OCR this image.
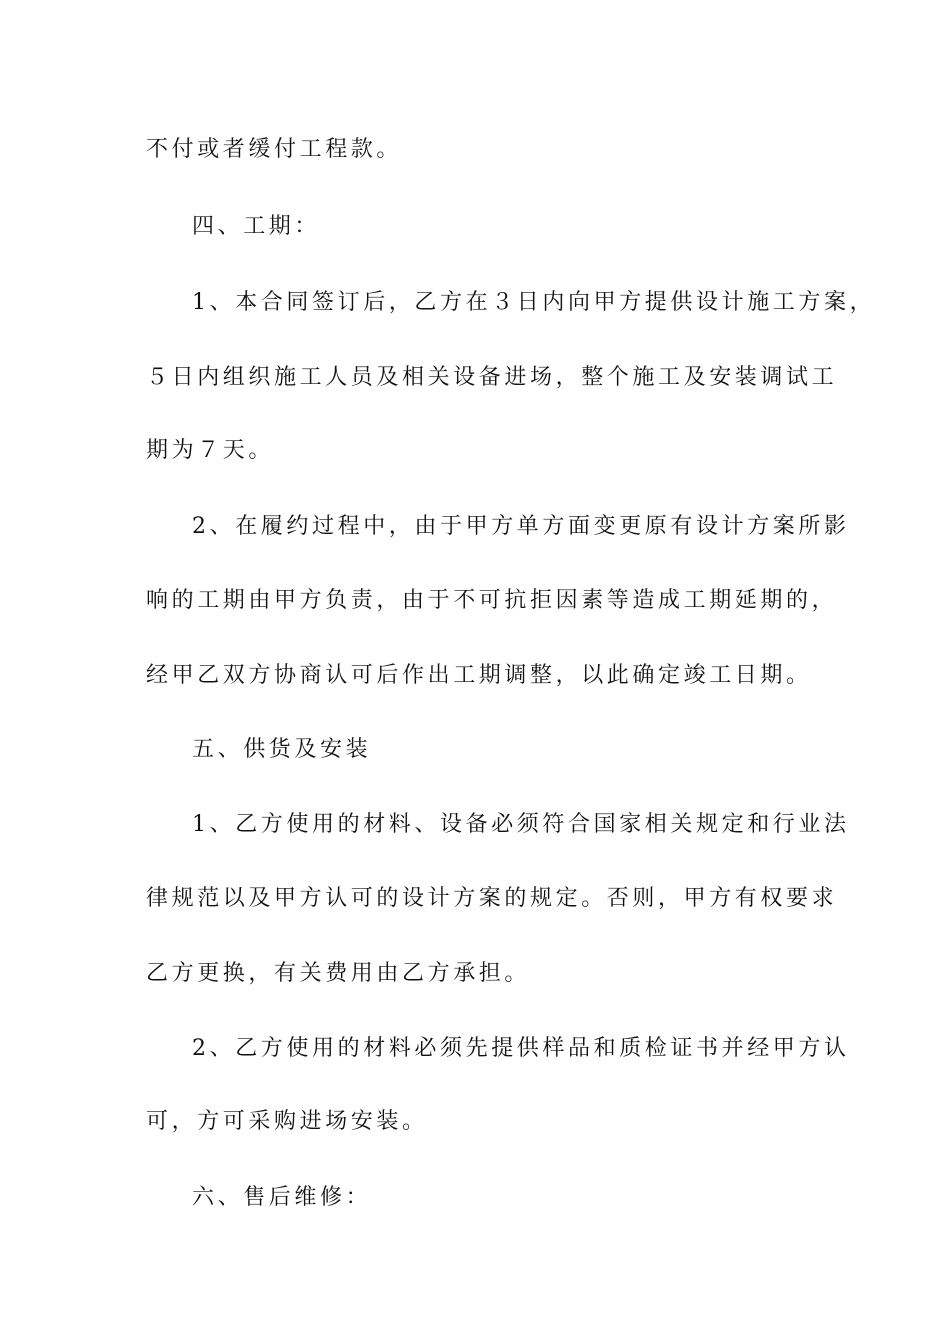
不付或者缓付工程款。
四、工期：
1、本合同签订后，乙方在３日内向甲方提供设计施工方案，
５日内组织施工人员及相关设备进场，整个施工及安装调试工
期为７天。
2、在履约过程中，由于甲方单方面变更原有设计方案所影
响的工期由甲方负责，由于不可抗拒因素等造成工期延期的，
经甲乙双方协商认可后作出工期调整，以此确定竣工日期。
五、供货及安装
1、乙方使用的材料、设备必须符合国家相关规定和行业法
律规范以及甲方认可的设计方案的规定。否则，甲方有权要求
乙方更换，有关费用由乙方承担。
2、乙方使用的材料必须先提供样品和质检证书并经甲方认
可，方可采购进场安装。
六、售后维修：
